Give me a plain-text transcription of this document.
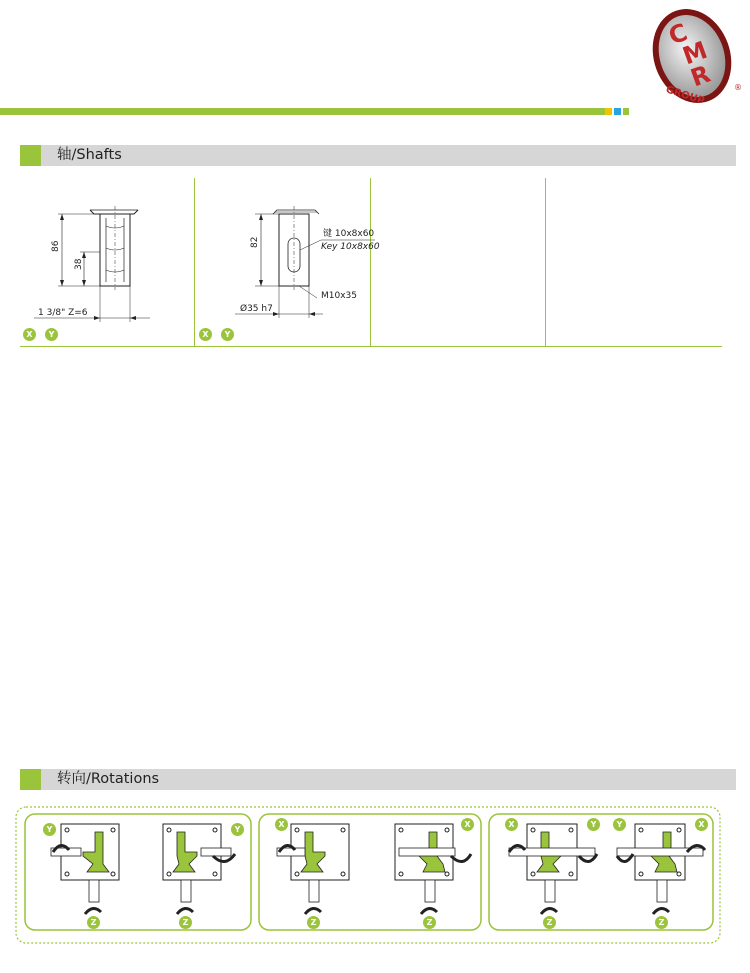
C
M
R
GROUP	®
轴/Shafts
86
38
1 3/8" Z=6
X	Y
82
键 10x8x60
Key 10x8x60
M10x35
Ø35 h7
X	Y
转向/Rotations
Y
Z
Y
Z
X
Z
X
Z
X	Y
Z
Y	X
Z
